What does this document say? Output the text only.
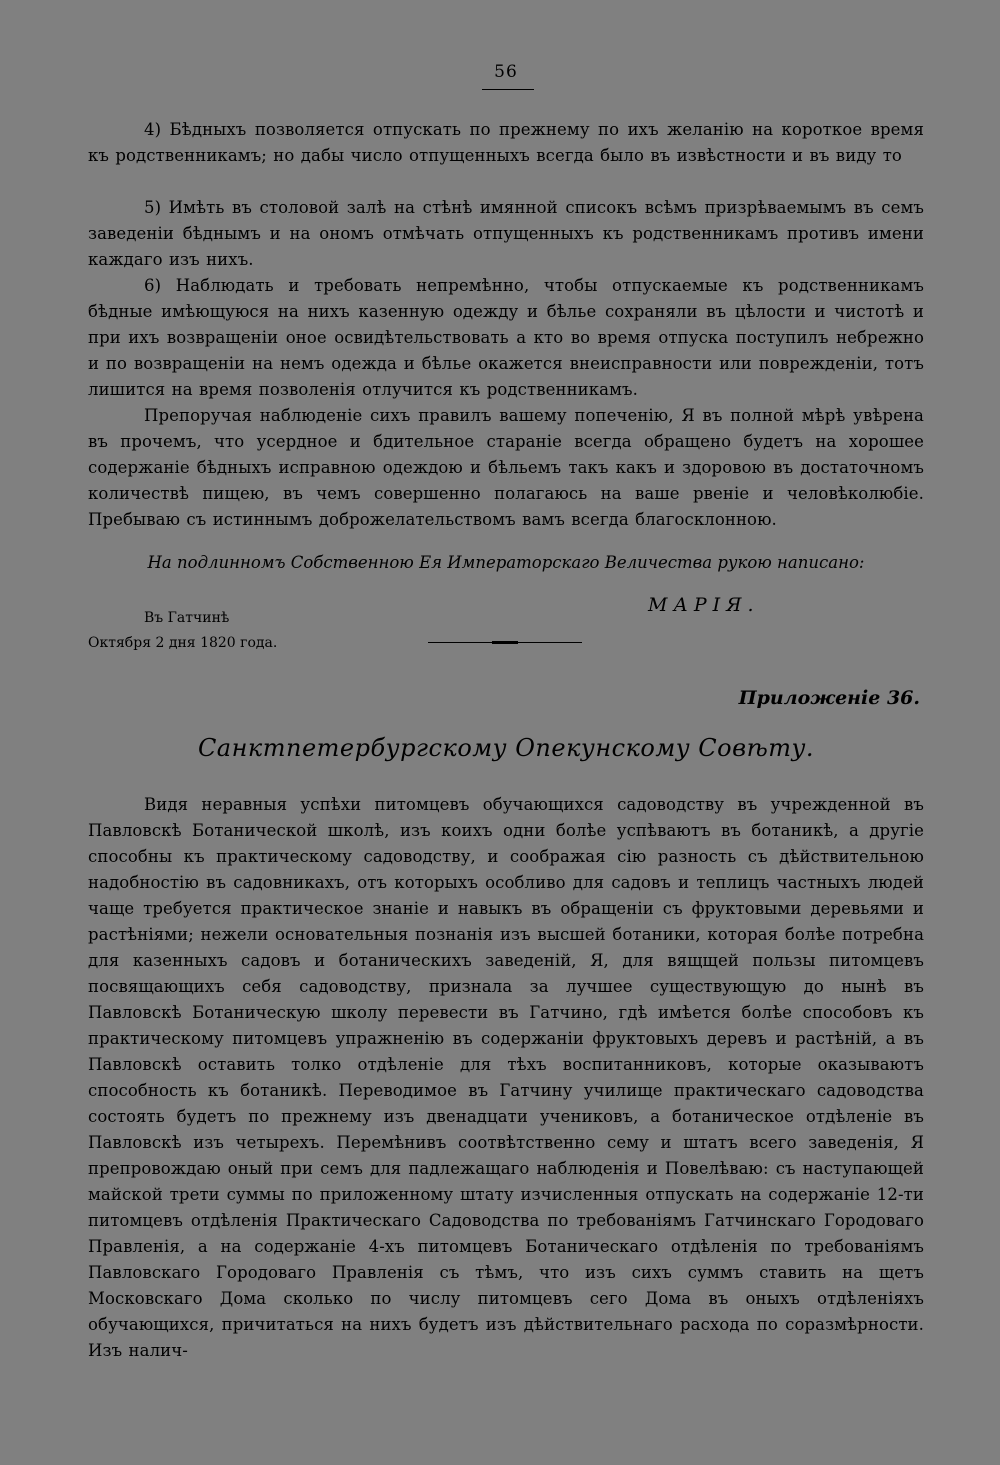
56

4) Бѣдныхъ позволяется отпускать по прежнему по ихъ желанію на короткое время къ родственникамъ; но дабы число отпущенныхъ всегда было въ извѣстности и въ виду то

5) Имѣть въ столовой залѣ на стѣнѣ имянной списокъ всѣмъ призрѣваемымъ въ семъ заведеніи бѣднымъ и на ономъ отмѣчать отпущенныхъ къ родственникамъ противъ имени каждаго изъ нихъ.

6) Наблюдать и требовать непремѣнно, чтобы отпускаемые къ родственникамъ бѣдные имѣющуюся на нихъ казенную одежду и бѣлье сохраняли въ цѣлости и чистотѣ и при ихъ возвращеніи оное освидѣтельствовать а кто во время отпуска поступилъ небрежно и по возвращеніи на немъ одежда и бѣлье окажется внеисправности или поврежденіи, тотъ лишится на время позволенія отлучится къ родственникамъ.

Препоручая наблюденіе сихъ правилъ вашему попеченію, Я въ полной мѣрѣ увѣрена въ прочемъ, что усердное и бдительное стараніе всегда обращено будетъ на хорошее содержаніе бѣдныхъ исправною одеждою и бѣльемъ такъ какъ и здоровою въ достаточномъ количествѣ пищею, въ чемъ совершенно полагаюсь на ваше рвеніе и человѣколюбіе. Пребываю съ истиннымъ доброжелательствомъ вамъ всегда благосклонною.

На подлинномъ Собственною Ея Императорскаго Величества рукою написано:
МАРІЯ.
Въ Гатчинѣ
Октября 2 дня 1820 года.
Приложеніе 36.
Санктпетербургскому Опекунскому Совѣту.

Видя неравныя успѣхи питомцевъ обучающихся садоводству въ учрежденной въ Павловскѣ Ботанической школѣ, изъ коихъ одни болѣе успѣваютъ въ ботаникѣ, а другіе способны къ практическому садоводству, и соображая сію разность съ дѣйствительною надобностію въ садовникахъ, отъ которыхъ особливо для садовъ и теплицъ частныхъ людей чаще требуется практическое знаніе и навыкъ въ обращеніи съ фруктовыми деревьями и растѣніями; нежели основательныя познанія изъ высшей ботаники, которая болѣе потребна для казенныхъ садовъ и ботаническихъ заведеній, Я, для вящщей пользы питомцевъ посвящающихъ себя садоводству, признала за лучшее существующую до нынѣ въ Павловскѣ Ботаническую школу перевести въ Гатчино, гдѣ имѣется болѣе способовъ къ практическому питомцевъ упражненію въ содержаніи фруктовыхъ деревъ и растѣній, а въ Павловскѣ оставить толко отдѣленіе для тѣхъ воспитанниковъ, которые оказываютъ способность къ ботаникѣ. Переводимое въ Гатчину училище практическаго садоводства состоять будетъ по прежнему изъ двенадцати учениковъ, а ботаническое отдѣленіе въ Павловскѣ изъ четырехъ. Перемѣнивъ соотвѣтственно сему и штатъ всего заведенія, Я препровождаю оный при семъ для падлежащаго наблюденія и Повелѣваю: съ наступающей майской трети суммы по приложенному штату изчисленныя отпускать на содержаніе 12-ти питомцевъ отдѣленія Практическаго Садоводства по требованіямъ Гатчинскаго Городоваго Правленія, а на содержаніе 4-хъ питомцевъ Ботаническаго отдѣленія по требованіямъ Павловскаго Городоваго Правленія съ тѣмъ, что изъ сихъ суммъ ставить на щетъ Московскаго Дома сколько по числу питомцевъ сего Дома въ оныхъ отдѣленіяхъ обучающихся, причитаться на нихъ будетъ изъ дѣйствительнаго расхода по соразмѣрности. Изъ налич-
